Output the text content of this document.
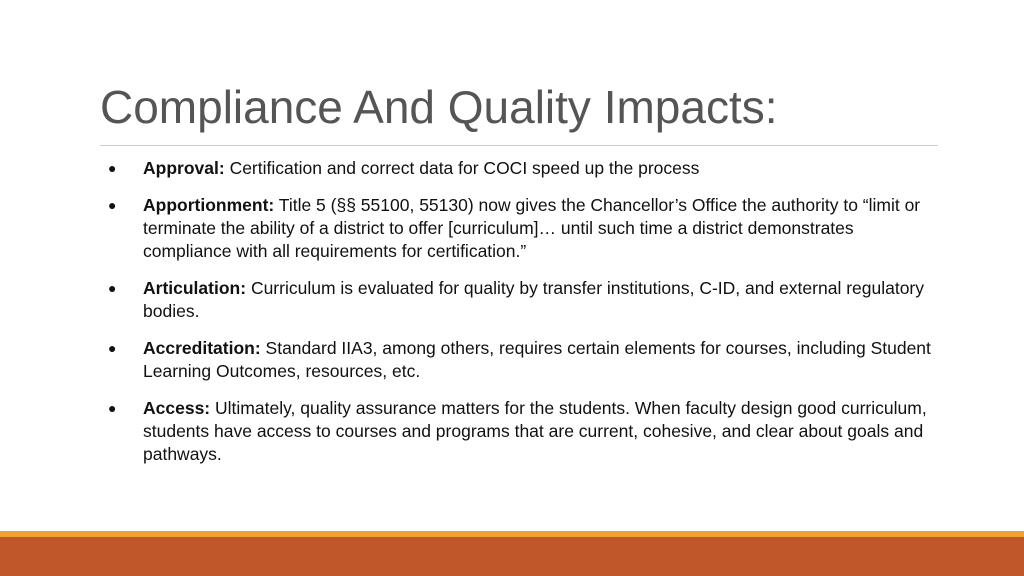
Compliance And Quality Impacts:
● Approval: Certification and correct data for COCI speed up the process
● Apportionment: Title 5 (§§ 55100, 55130) now gives the Chancellor’s Office the authority to “limit or terminate the ability of a district to offer [curriculum]… until such time a district demonstrates compliance with all requirements for certification.”
● Articulation: Curriculum is evaluated for quality by transfer institutions, C-ID, and external regulatory bodies.
● Accreditation: Standard IIA3, among others, requires certain elements for courses, including Student Learning Outcomes, resources, etc.
● Access: Ultimately, quality assurance matters for the students. When faculty design good curriculum, students have access to courses and programs that are current, cohesive, and clear about goals and pathways.
